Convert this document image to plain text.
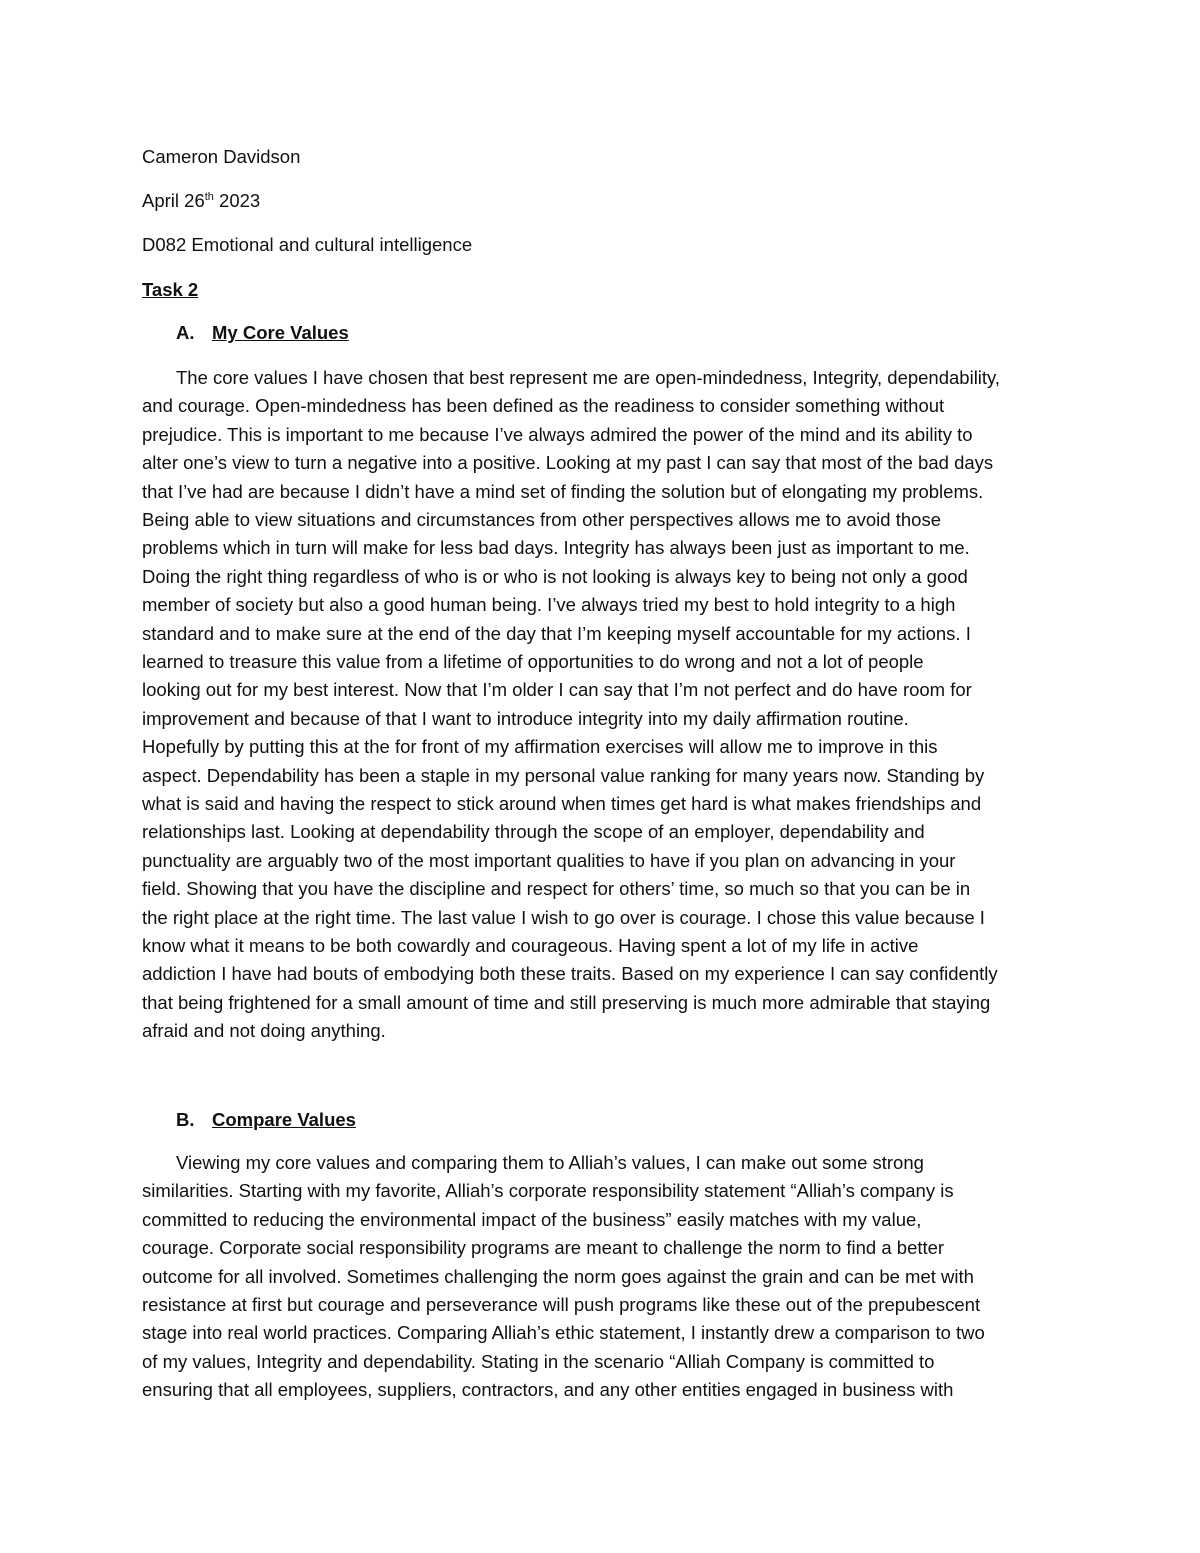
Cameron Davidson
April 26th 2023
D082 Emotional and cultural intelligence
Task 2
A. My Core Values
The core values I have chosen that best represent me are open-mindedness, Integrity, dependability,
and courage. Open-mindedness has been defined as the readiness to consider something without
prejudice. This is important to me because I’ve always admired the power of the mind and its ability to
alter one’s view to turn a negative into a positive. Looking at my past I can say that most of the bad days
that I’ve had are because I didn’t have a mind set of finding the solution but of elongating my problems.
Being able to view situations and circumstances from other perspectives allows me to avoid those
problems which in turn will make for less bad days. Integrity has always been just as important to me.
Doing the right thing regardless of who is or who is not looking is always key to being not only a good
member of society but also a good human being. I’ve always tried my best to hold integrity to a high
standard and to make sure at the end of the day that I’m keeping myself accountable for my actions. I
learned to treasure this value from a lifetime of opportunities to do wrong and not a lot of people
looking out for my best interest. Now that I’m older I can say that I’m not perfect and do have room for
improvement and because of that I want to introduce integrity into my daily affirmation routine.
Hopefully by putting this at the for front of my affirmation exercises will allow me to improve in this
aspect. Dependability has been a staple in my personal value ranking for many years now. Standing by
what is said and having the respect to stick around when times get hard is what makes friendships and
relationships last. Looking at dependability through the scope of an employer, dependability and
punctuality are arguably two of the most important qualities to have if you plan on advancing in your
field. Showing that you have the discipline and respect for others’ time, so much so that you can be in
the right place at the right time. The last value I wish to go over is courage. I chose this value because I
know what it means to be both cowardly and courageous. Having spent a lot of my life in active
addiction I have had bouts of embodying both these traits. Based on my experience I can say confidently
that being frightened for a small amount of time and still preserving is much more admirable that staying
afraid and not doing anything.
B. Compare Values
Viewing my core values and comparing them to Alliah’s values, I can make out some strong
similarities. Starting with my favorite, Alliah’s corporate responsibility statement “Alliah’s company is
committed to reducing the environmental impact of the business” easily matches with my value,
courage. Corporate social responsibility programs are meant to challenge the norm to find a better
outcome for all involved. Sometimes challenging the norm goes against the grain and can be met with
resistance at first but courage and perseverance will push programs like these out of the prepubescent
stage into real world practices. Comparing Alliah’s ethic statement, I instantly drew a comparison to two
of my values, Integrity and dependability. Stating in the scenario “Alliah Company is committed to
ensuring that all employees, suppliers, contractors, and any other entities engaged in business with
